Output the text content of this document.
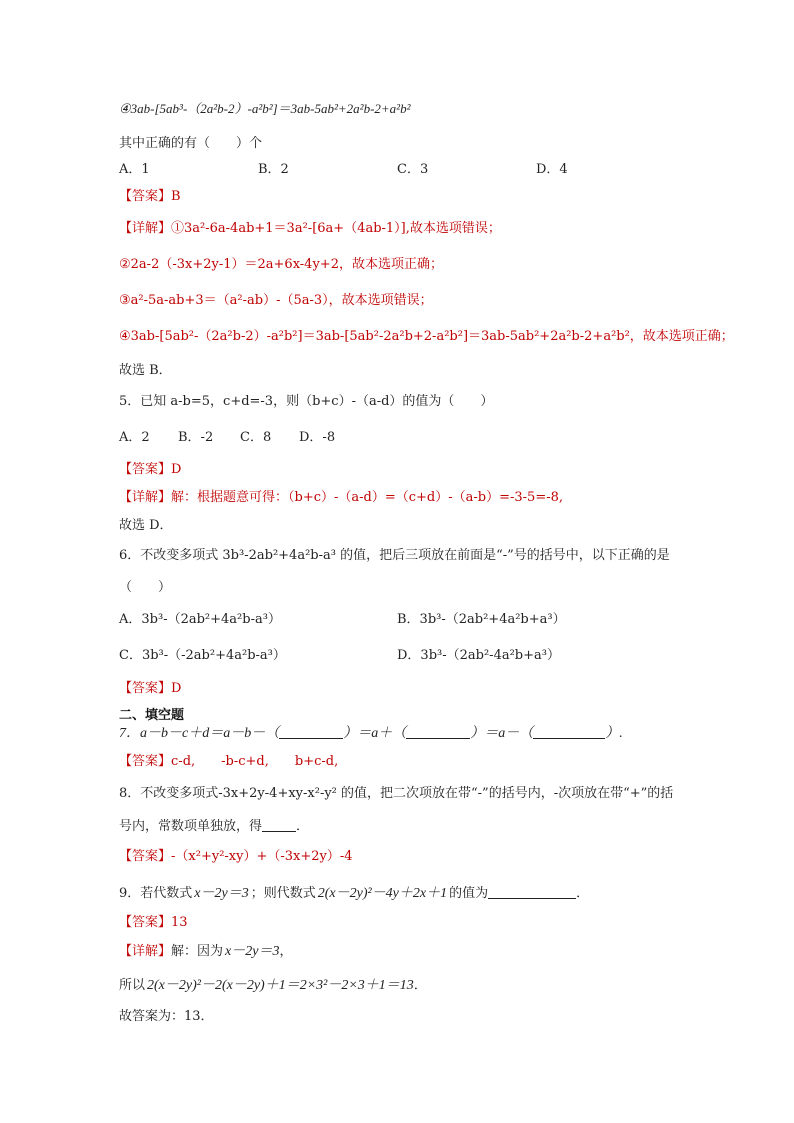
④3ab-[5ab³-（2a²b-2）-a²b²]＝3ab-5ab²+2a²b-2+a²b²
其中正确的有（　　）个
A．1	B．2	C．3	D．4
【答案】B
【详解】①3a²-6a-4ab+1＝3a²-[6a+（4ab-1）],故本选项错误；
②2a-2（-3x+2y-1）＝2a+6x-4y+2，故本选项正确；
③a²-5a-ab+3＝（a²-ab）-（5a-3），故本选项错误；
④3ab-[5ab²-（2a²b-2）-a²b²]＝3ab-[5ab²-2a²b+2-a²b²]＝3ab-5ab²+2a²b-2+a²b²，故本选项正确；
故选 B．
5．已知 a-b=5，c+d=-3，则（b+c）-（a-d）的值为（　　）
A．2 B．-2 C．8 D．-8
【答案】D
【详解】解：根据题意可得：（b+c）-（a-d）=（c+d）-（a-b）=-3-5=-8,
故选 D．
6．不改变多项式 3b³-2ab²+4a²b-a³ 的值，把后三项放在前面是“-”号的括号中，以下正确的是
（　　）
A．3b³-（2ab²+4a²b-a³）	B．3b³-（2ab²+4a²b+a³）
C．3b³-（-2ab²+4a²b-a³）	D．3b³-（2ab²-4a²b+a³）
【答案】D
二、填空题
7．a－b－c＋d＝a－b－（	）＝a＋（	）＝a－（	）.
【答案】c-d, -b-c+d, b+c-d,
8．不改变多项式-3x+2y-4+xy-x²-y² 的值，把二次项放在带“-”的括号内，-次项放在带“+”的括
号内，常数项单独放，得	．
【答案】-（x²+y²-xy）+（-3x+2y）-4
9．若代数式 x－2y＝3 ；则代数式 2(x－2y)²－4y＋2x＋1 的值为	．
【答案】13
【详解】解：因为 x－2y＝3，
所以 2(x－2y)²－2(x－2y)＋1＝2×3²－2×3＋1＝13．
故答案为：13．
